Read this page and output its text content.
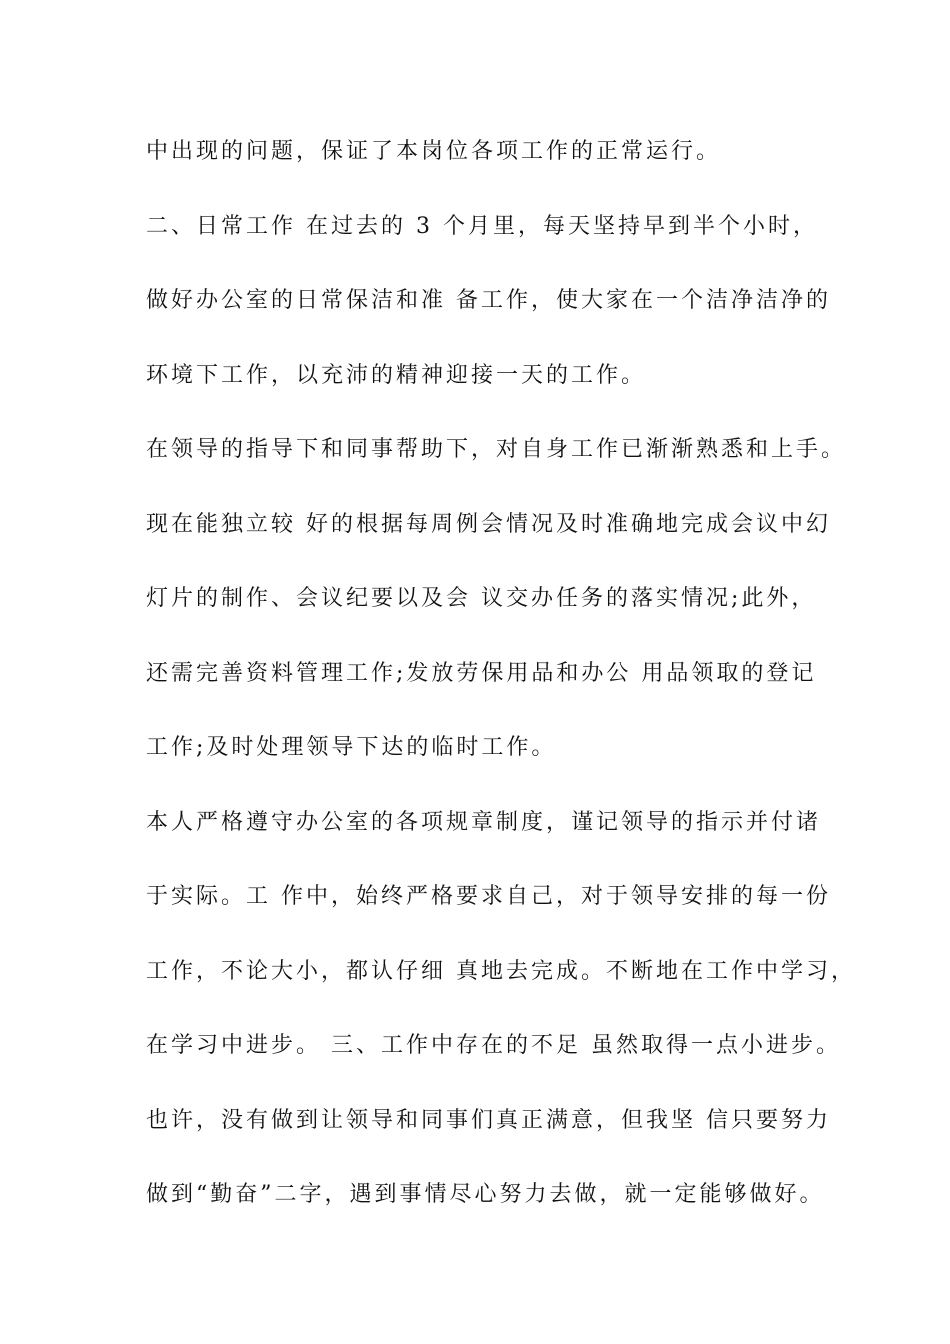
中出现的问题，保证了本岗位各项工作的正常运行。
二、日常工作 在过去的 3 个月里，每天坚持早到半个小时，
做好办公室的日常保洁和准 备工作，使大家在一个洁净洁净的
环境下工作，以充沛的精神迎接一天的工作。
在领导的指导下和同事帮助下，对自身工作已渐渐熟悉和上手。
现在能独立较 好的根据每周例会情况及时准确地完成会议中幻
灯片的制作、会议纪要以及会 议交办任务的落实情况;此外，
还需完善资料管理工作;发放劳保用品和办公 用品领取的登记
工作;及时处理领导下达的临时工作。
本人严格遵守办公室的各项规章制度，谨记领导的指示并付诸
于实际。工 作中，始终严格要求自己，对于领导安排的每一份
工作，不论大小，都认仔细 真地去完成。不断地在工作中学习，
在学习中进步。 三、工作中存在的不足 虽然取得一点小进步。
也许，没有做到让领导和同事们真正满意，但我坚 信只要努力
做到“勤奋”二字，遇到事情尽心努力去做，就一定能够做好。
